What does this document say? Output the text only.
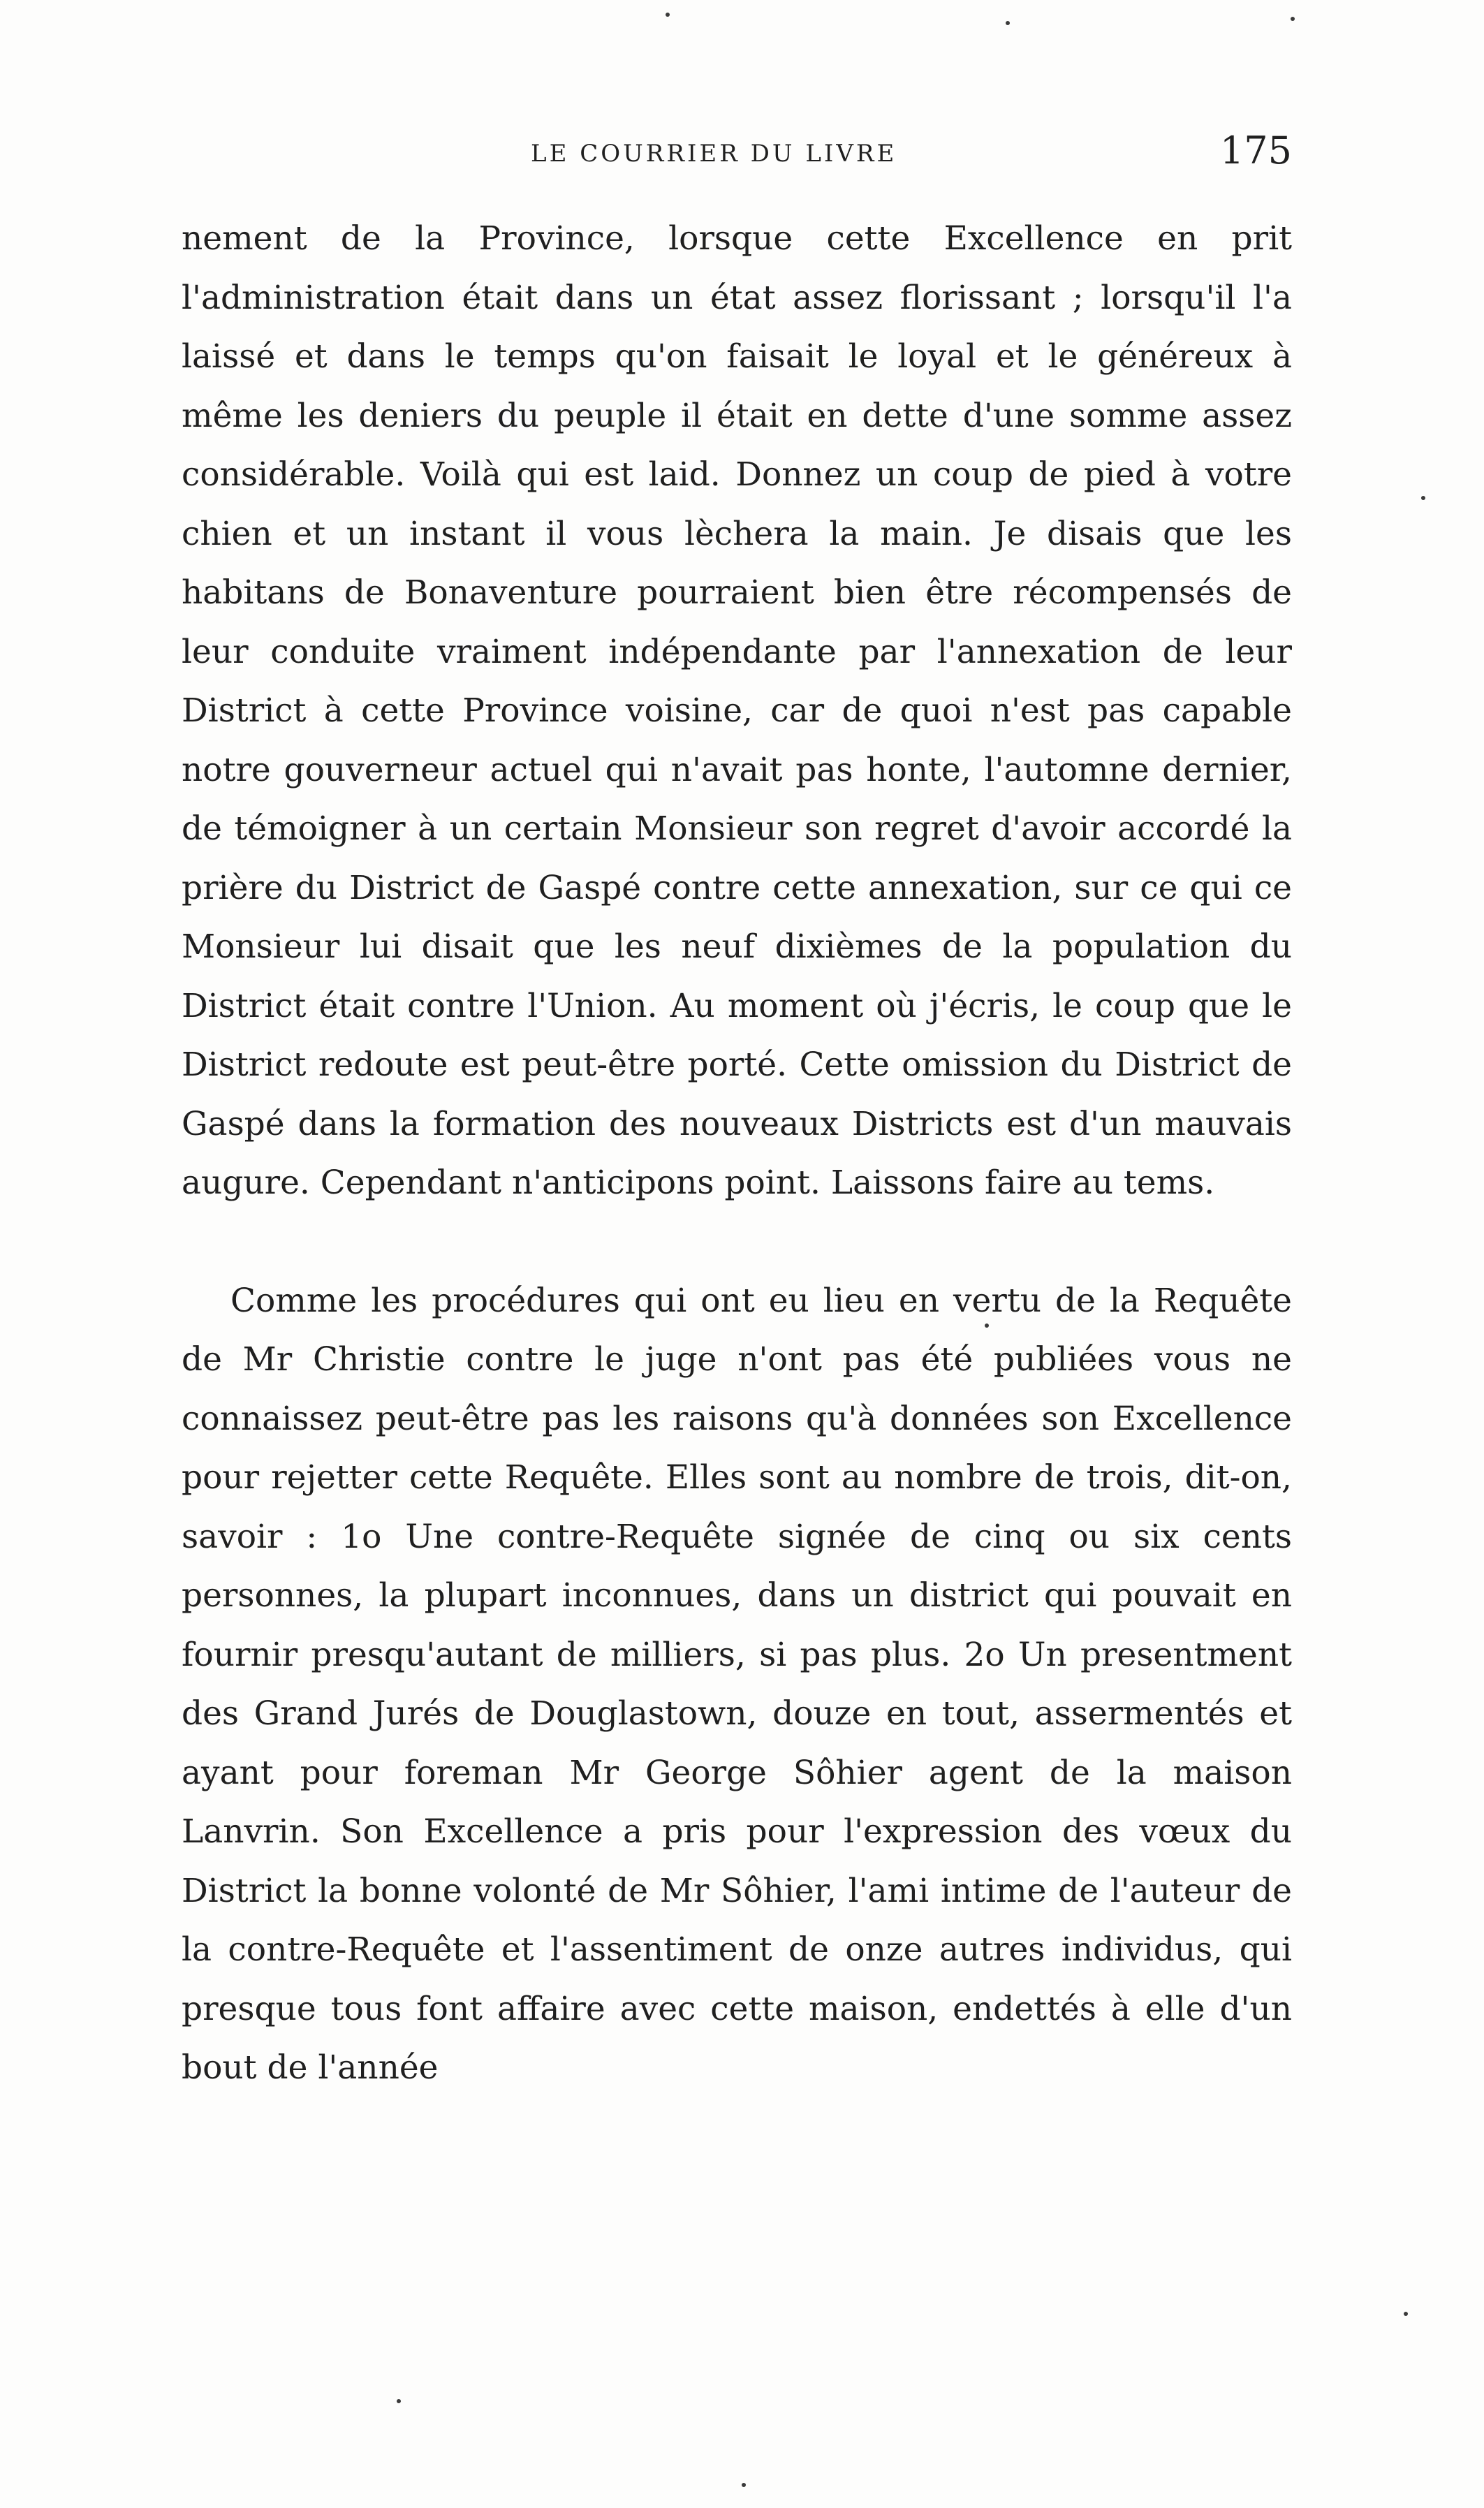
LE COURRIER DU LIVRE	175

nement de la Province, lorsque cette Excellence en prit l'administration était dans un état assez florissant ; lorsqu'il l'a laissé et dans le temps qu'on faisait le loyal et le généreux à même les deniers du peuple il était en dette d'une somme assez considérable. Voilà qui est laid. Donnez un coup de pied à votre chien et un instant il vous lèchera la main. Je disais que les habitans de Bonaventure pourraient bien être récompensés de leur conduite vraiment indépendante par l'annexation de leur District à cette Province voisine, car de quoi n'est pas capable notre gouverneur actuel qui n'avait pas honte, l'automne dernier, de témoigner à un certain Monsieur son regret d'avoir accordé la prière du District de Gaspé contre cette annexation, sur ce qui ce Monsieur lui disait que les neuf dixièmes de la population du District était contre l'Union. Au moment où j'écris, le coup que le District redoute est peut-être porté. Cette omission du District de Gaspé dans la formation des nouveaux Districts est d'un mauvais augure. Cependant n'anticipons point. Laissons faire au tems.

Comme les procédures qui ont eu lieu en vertu de la Requête de Mr Christie contre le juge n'ont pas été publiées vous ne connaissez peut-être pas les raisons qu'à données son Excellence pour rejetter cette Requête. Elles sont au nombre de trois, dit-on, savoir : 1o Une contre-Requête signée de cinq ou six cents personnes, la plupart inconnues, dans un district qui pouvait en fournir presqu'autant de milliers, si pas plus. 2o Un presentment des Grand Jurés de Douglastown, douze en tout, assermentés et ayant pour foreman Mr George Sôhier agent de la maison Lanvrin. Son Excellence a pris pour l'expression des vœux du District la bonne volonté de Mr Sôhier, l'ami intime de l'auteur de la contre-Requête et l'assentiment de onze autres individus, qui presque tous font affaire avec cette maison, endettés à elle d'un bout de l'année
